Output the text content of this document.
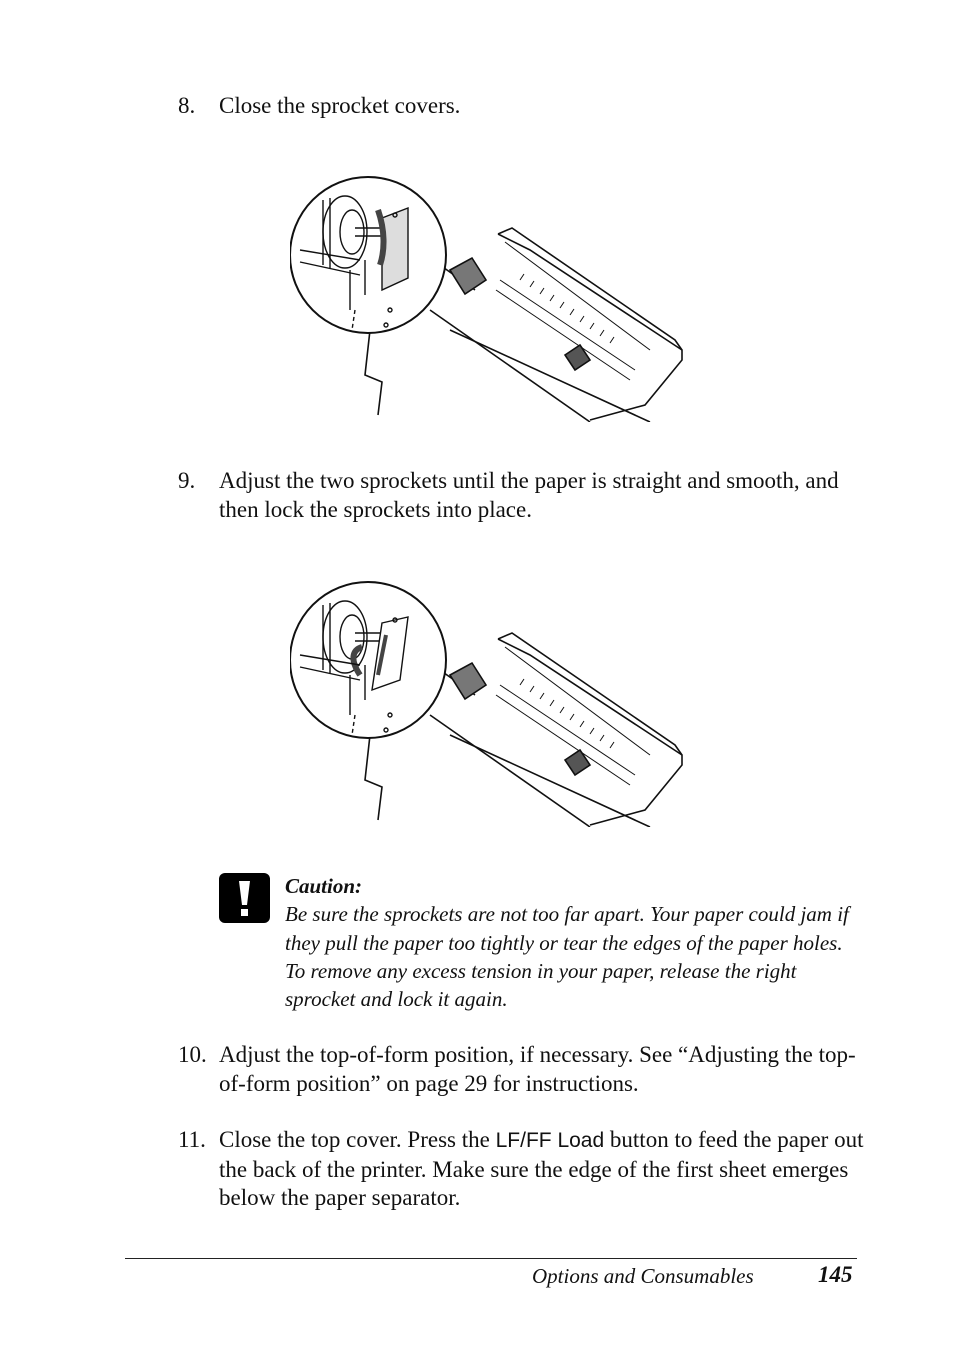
8. Close the sprocket covers.
9. Adjust the two sprockets until the paper is straight and smooth, and then lock the sprockets into place.
Caution:
Be sure the sprockets are not too far apart. Your paper could jam if they pull the paper too tightly or tear the edges of the paper holes. To remove any excess tension in your paper, release the right sprocket and lock it again.
10. Adjust the top-of-form position, if necessary. See “Adjusting the top-of-form position” on page 29 for instructions.
11. Close the top cover. Press the LF/FF Load button to feed the paper out the back of the printer. Make sure the edge of the first sheet emerges below the paper separator.
Options and Consumables	145
